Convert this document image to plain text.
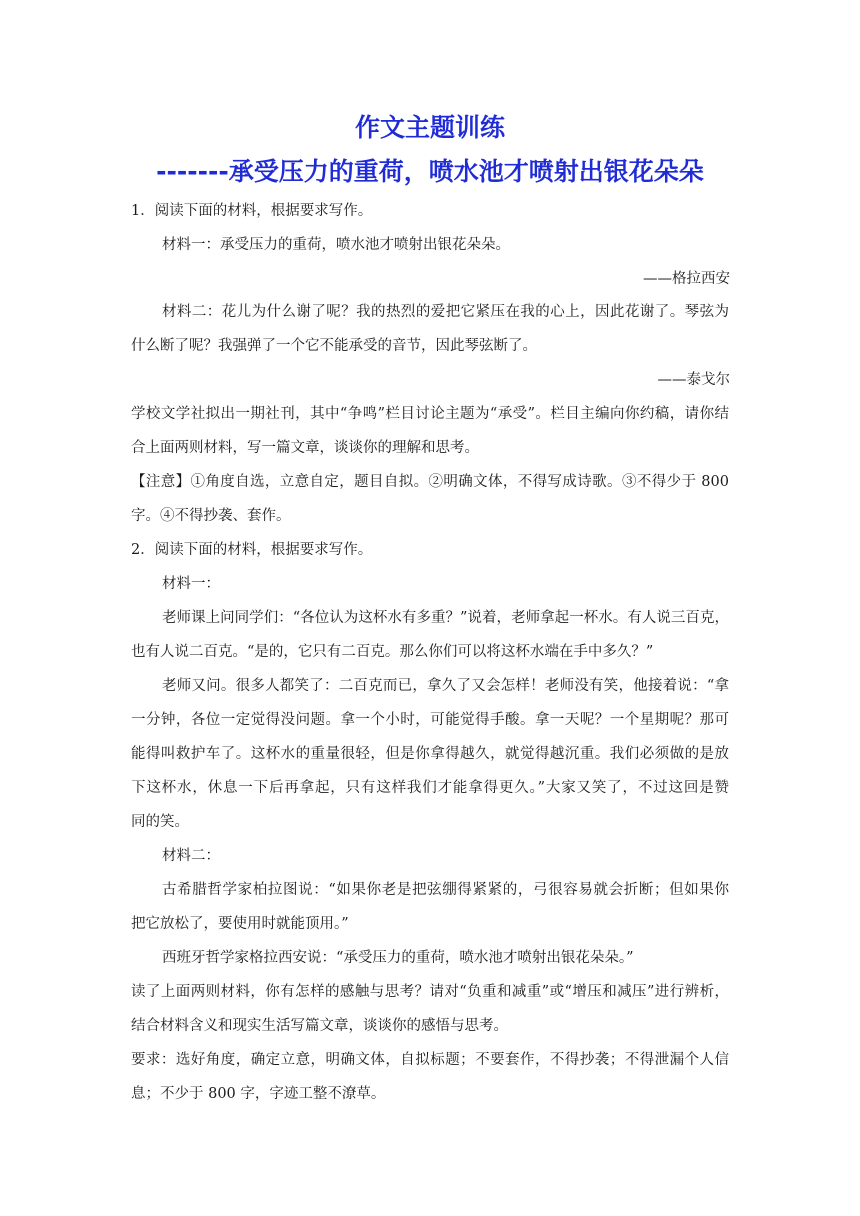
作文主题训练
-------承受压力的重荷，喷水池才喷射出银花朵朵
1．阅读下面的材料，根据要求写作。
材料一：承受压力的重荷，喷水池才喷射出银花朵朵。
——格拉西安
材料二：花儿为什么谢了呢？我的热烈的爱把它紧压在我的心上，因此花谢了。琴弦为
什么断了呢？我强弹了一个它不能承受的音节，因此琴弦断了。
——泰戈尔
学校文学社拟出一期社刊，其中“争鸣”栏目讨论主题为“承受”。栏目主编向你约稿，请你结
合上面两则材料，写一篇文章，谈谈你的理解和思考。
【注意】①角度自选，立意自定，题目自拟。②明确文体，不得写成诗歌。③不得少于 800
字。④不得抄袭、套作。
2．阅读下面的材料，根据要求写作。
材料一：
老师课上问同学们：“各位认为这杯水有多重？”说着，老师拿起一杯水。有人说三百克，
也有人说二百克。“是的，它只有二百克。那么你们可以将这杯水端在手中多久？”
老师又问。很多人都笑了：二百克而已，拿久了又会怎样！老师没有笑，他接着说：“拿
一分钟，各位一定觉得没问题。拿一个小时，可能觉得手酸。拿一天呢？一个星期呢？那可
能得叫救护车了。这杯水的重量很轻，但是你拿得越久，就觉得越沉重。我们必须做的是放
下这杯水，休息一下后再拿起，只有这样我们才能拿得更久。”大家又笑了，不过这回是赞
同的笑。
材料二：
古希腊哲学家柏拉图说：“如果你老是把弦绷得紧紧的，弓很容易就会折断；但如果你
把它放松了，要使用时就能顶用。”
西班牙哲学家格拉西安说：“承受压力的重荷，喷水池才喷射出银花朵朵。”
读了上面两则材料，你有怎样的感触与思考？请对“负重和减重”或“增压和减压”进行辨析，
结合材料含义和现实生活写篇文章，谈谈你的感悟与思考。
要求：选好角度，确定立意，明确文体，自拟标题；不要套作，不得抄袭；不得泄漏个人信
息；不少于 800 字，字迹工整不潦草。
